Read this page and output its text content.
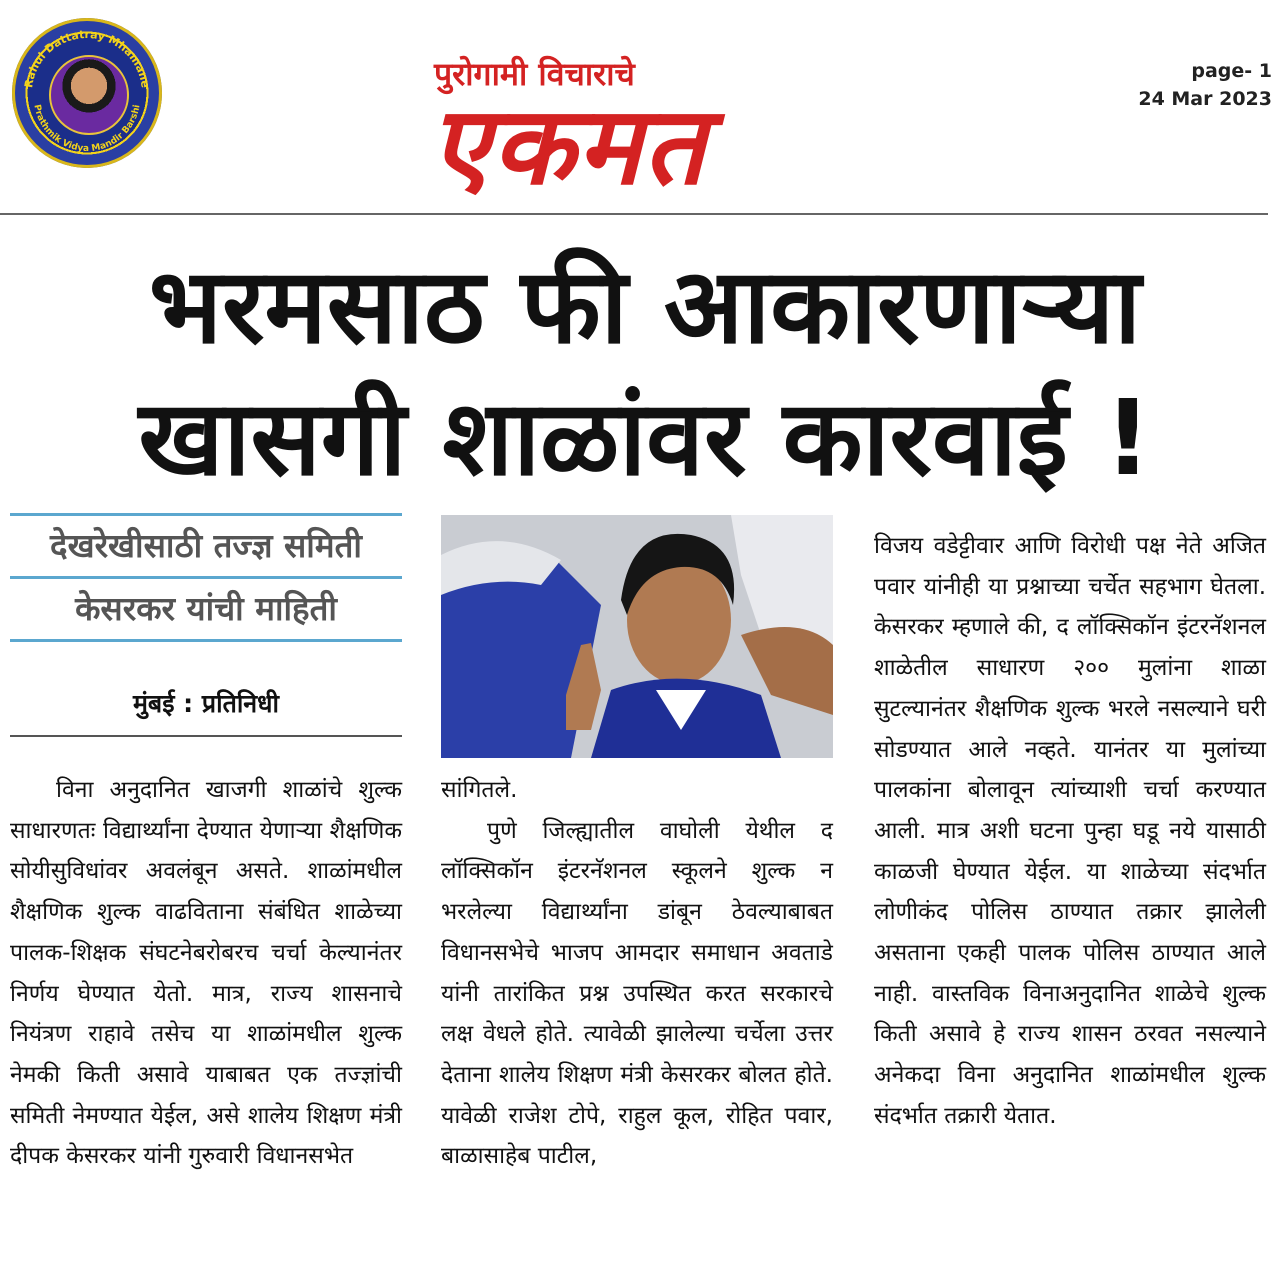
Rahul Dattatray Mhamane
Prathmik Vidya Mandir Barshi
पुरोगामी विचाराचे
एकमत
page- 1
24 Mar 2023
भरमसाठ फी आकारणाऱ्या
खासगी शाळांवर कारवाई !
देखरेखीसाठी तज्ज्ञ समिती
केसरकर यांची माहिती
मुंबई : प्रतिनिधी

विना अनुदानित खाजगी शाळांचे शुल्क साधारणतः विद्यार्थ्यांना देण्यात येणाऱ्या शैक्षणिक सोयीसुविधांवर अवलंबून असते. शाळांमधील शैक्षणिक शुल्क वाढविताना संबंधित शाळेच्या पालक-शिक्षक संघटनेबरोबरच चर्चा केल्यानंतर निर्णय घेण्यात येतो. मात्र, राज्य शासनाचे नियंत्रण राहावे तसेच या शाळांमधील शुल्क नेमकी किती असावे याबाबत एक तज्ज्ञांची समिती नेमण्यात येईल, असे शालेय शिक्षण मंत्री दीपक केसरकर यांनी गुरुवारी विधानसभेत

सांगितले.

पुणे जिल्ह्यातील वाघोली येथील द लॉक्सिकॉन इंटरनॅशनल स्कूलने शुल्क न भरलेल्या विद्यार्थ्यांना डांबून ठेवल्याबाबत विधानसभेचे भाजप आमदार समाधान अवताडे यांनी तारांकित प्रश्न उपस्थित करत सरकारचे लक्ष वेधले होते. त्यावेळी झालेल्या चर्चेला उत्तर देताना शालेय शिक्षण मंत्री केसरकर बोलत होते. यावेळी राजेश टोपे, राहुल कूल, रोहित पवार, बाळासाहेब पाटील,

विजय वडेट्टीवार आणि विरोधी पक्ष नेते अजित पवार यांनीही या प्रश्नाच्या चर्चेत सहभाग घेतला. केसरकर म्हणाले की, द लॉक्सिकॉन इंटरनॅशनल शाळेतील साधारण २०० मुलांना शाळा सुटल्यानंतर शैक्षणिक शुल्क भरले नसल्याने घरी सोडण्यात आले नव्हते. यानंतर या मुलांच्या पालकांना बोलावून त्यांच्याशी चर्चा करण्यात आली. मात्र अशी घटना पुन्हा घडू नये यासाठी काळजी घेण्यात येईल. या शाळेच्या संदर्भात लोणीकंद पोलिस ठाण्यात तक्रार झालेली असताना एकही पालक पोलिस ठाण्यात आले नाही. वास्तविक विनाअनुदानित शाळेचे शुल्क किती असावे हे राज्य शासन ठरवत नसल्याने अनेकदा विना अनुदानित शाळांमधील शुल्क संदर्भात तक्रारी येतात.
